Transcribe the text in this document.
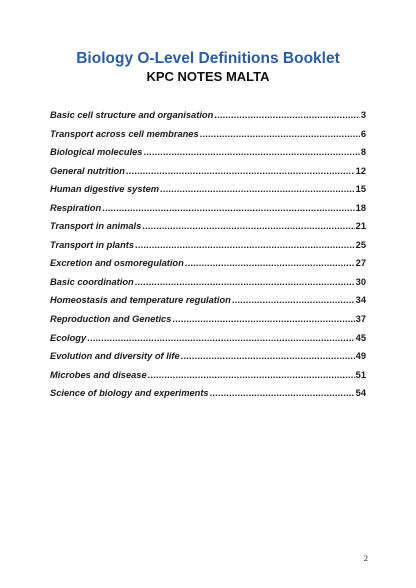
Biology O-Level Definitions Booklet
KPC NOTES MALTA
Basic cell structure and organisation .....	3
Transport across cell membranes .....	6
Biological molecules .....	8
General nutrition .....	12
Human digestive system .....	15
Respiration .....	18
Transport in animals .....	21
Transport in plants .....	25
Excretion and osmoregulation .....	27
Basic coordination .....	30
Homeostasis and temperature regulation .....	34
Reproduction and Genetics .....	37
Ecology .....	45
Evolution and diversity of life .....	49
Microbes and disease .....	51
Science of biology and experiments .....	54
2
